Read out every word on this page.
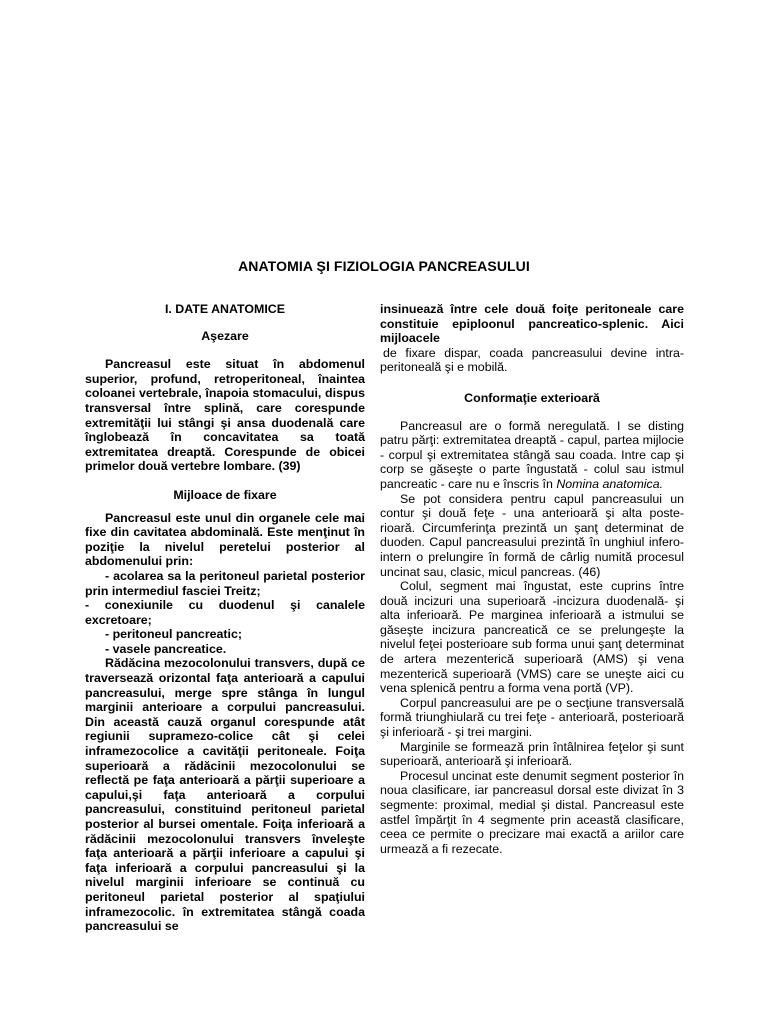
ANATOMIA ŞI FIZIOLOGIA PANCREASULUI
I. DATE ANATOMICE
Aşezare

Pancreasul este situat în abdomenul superior, profund, retroperitoneal, înaintea coloanei vertebrale, înapoia stomacului, dispus transversal între splină, care corespunde extremităţii lui stângi şi ansa duodenală care înglobează în concavitatea sa toată extremitatea dreaptă. Corespunde de obicei primelor două vertebre lombare. (39)

Mijloace de fixare

Pancreasul este unul din organele cele mai fixe din cavitatea abdominală. Este menţinut în poziţie la nivelul peretelui posterior al abdomenului prin:

- acolarea sa la peritoneul parietal posterior prin intermediul fasciei Treitz;

- conexiunile cu duodenul şi canalele excretoare;

- peritoneul pancreatic;

- vasele pancreatice.

Rădăcina mezocolonului transvers, după ce traversează orizontal faţa anterioară a capului pancreasului, merge spre stânga în lungul marginii anterioare a corpului pancreasului. Din această cauză organul corespunde atât regiunii supramezo-colice cât şi celei inframezocolice a cavităţii peritoneale. Foiţa superioară a rădăcinii mezocolonului se reflectă pe faţa anterioară a părţii superioare a capului,şi faţa anterioară a corpului pancreasului, constituind peritoneul parietal posterior al bursei omentale. Foiţa inferioară a rădăcinii mezocolonului transvers înveleşte faţa anterioară a părţii inferioare a capului şi faţa inferioară a corpului pancreasului şi la nivelul marginii inferioare se continuă cu peritoneul parietal posterior al spaţiului inframezocolic. în extremitatea stângă coada pancreasului se

insinuează între cele două foiţe peritoneale care constituie epiploonul pancreatico-splenic. Aici mijloacele

de fixare dispar, coada pancreasului devine intra-peritoneală şi e mobilă.

Conformaţie exterioară

Pancreasul are o formă neregulată. I se disting patru părţi: extremitatea dreaptă - capul, partea mijlocie - corpul şi extremitatea stângă sau coada. Intre cap şi corp se găseşte o parte îngustată - colul sau istmul pancreatic - care nu e înscris în Nomina anatomica.

Se pot considera pentru capul pancreasului un contur şi două feţe - una anterioară şi alta poste- rioară. Circumferinţa prezintă un şanţ determinat de duoden. Capul pancreasului prezintă în unghiul infero-intern o prelungire în formă de cârlig numită procesul uncinat sau, clasic, micul pancreas. (46)

Colul, segment mai îngustat, este cuprins între două incizuri una superioară -incizura duodenală- şi alta inferioară. Pe marginea inferioară a istmului se găseşte incizura pancreatică ce se prelungeşte la nivelul feţei posterioare sub forma unui şanţ determinat de artera mezenterică superioară (AMS) şi vena mezenterică superioară (VMS) care se uneşte aici cu vena splenică pentru a forma vena portă (VP).

Corpul pancreasului are pe o secţiune transversală formă triunghiulară cu trei feţe - anterioară, posterioară şi inferioară - şi trei margini.

Marginile se formează prin întâlnirea feţelor şi sunt superioară, anterioară şi inferioară.

Procesul uncinat este denumit segment posterior în noua clasificare, iar pancreasul dorsal este divizat în 3 segmente: proximal, medial şi distal. Pancreasul este astfel împărţit în 4 segmente prin această clasificare, ceea ce permite o precizare mai exactă a ariilor care urmează a fi rezecate.
